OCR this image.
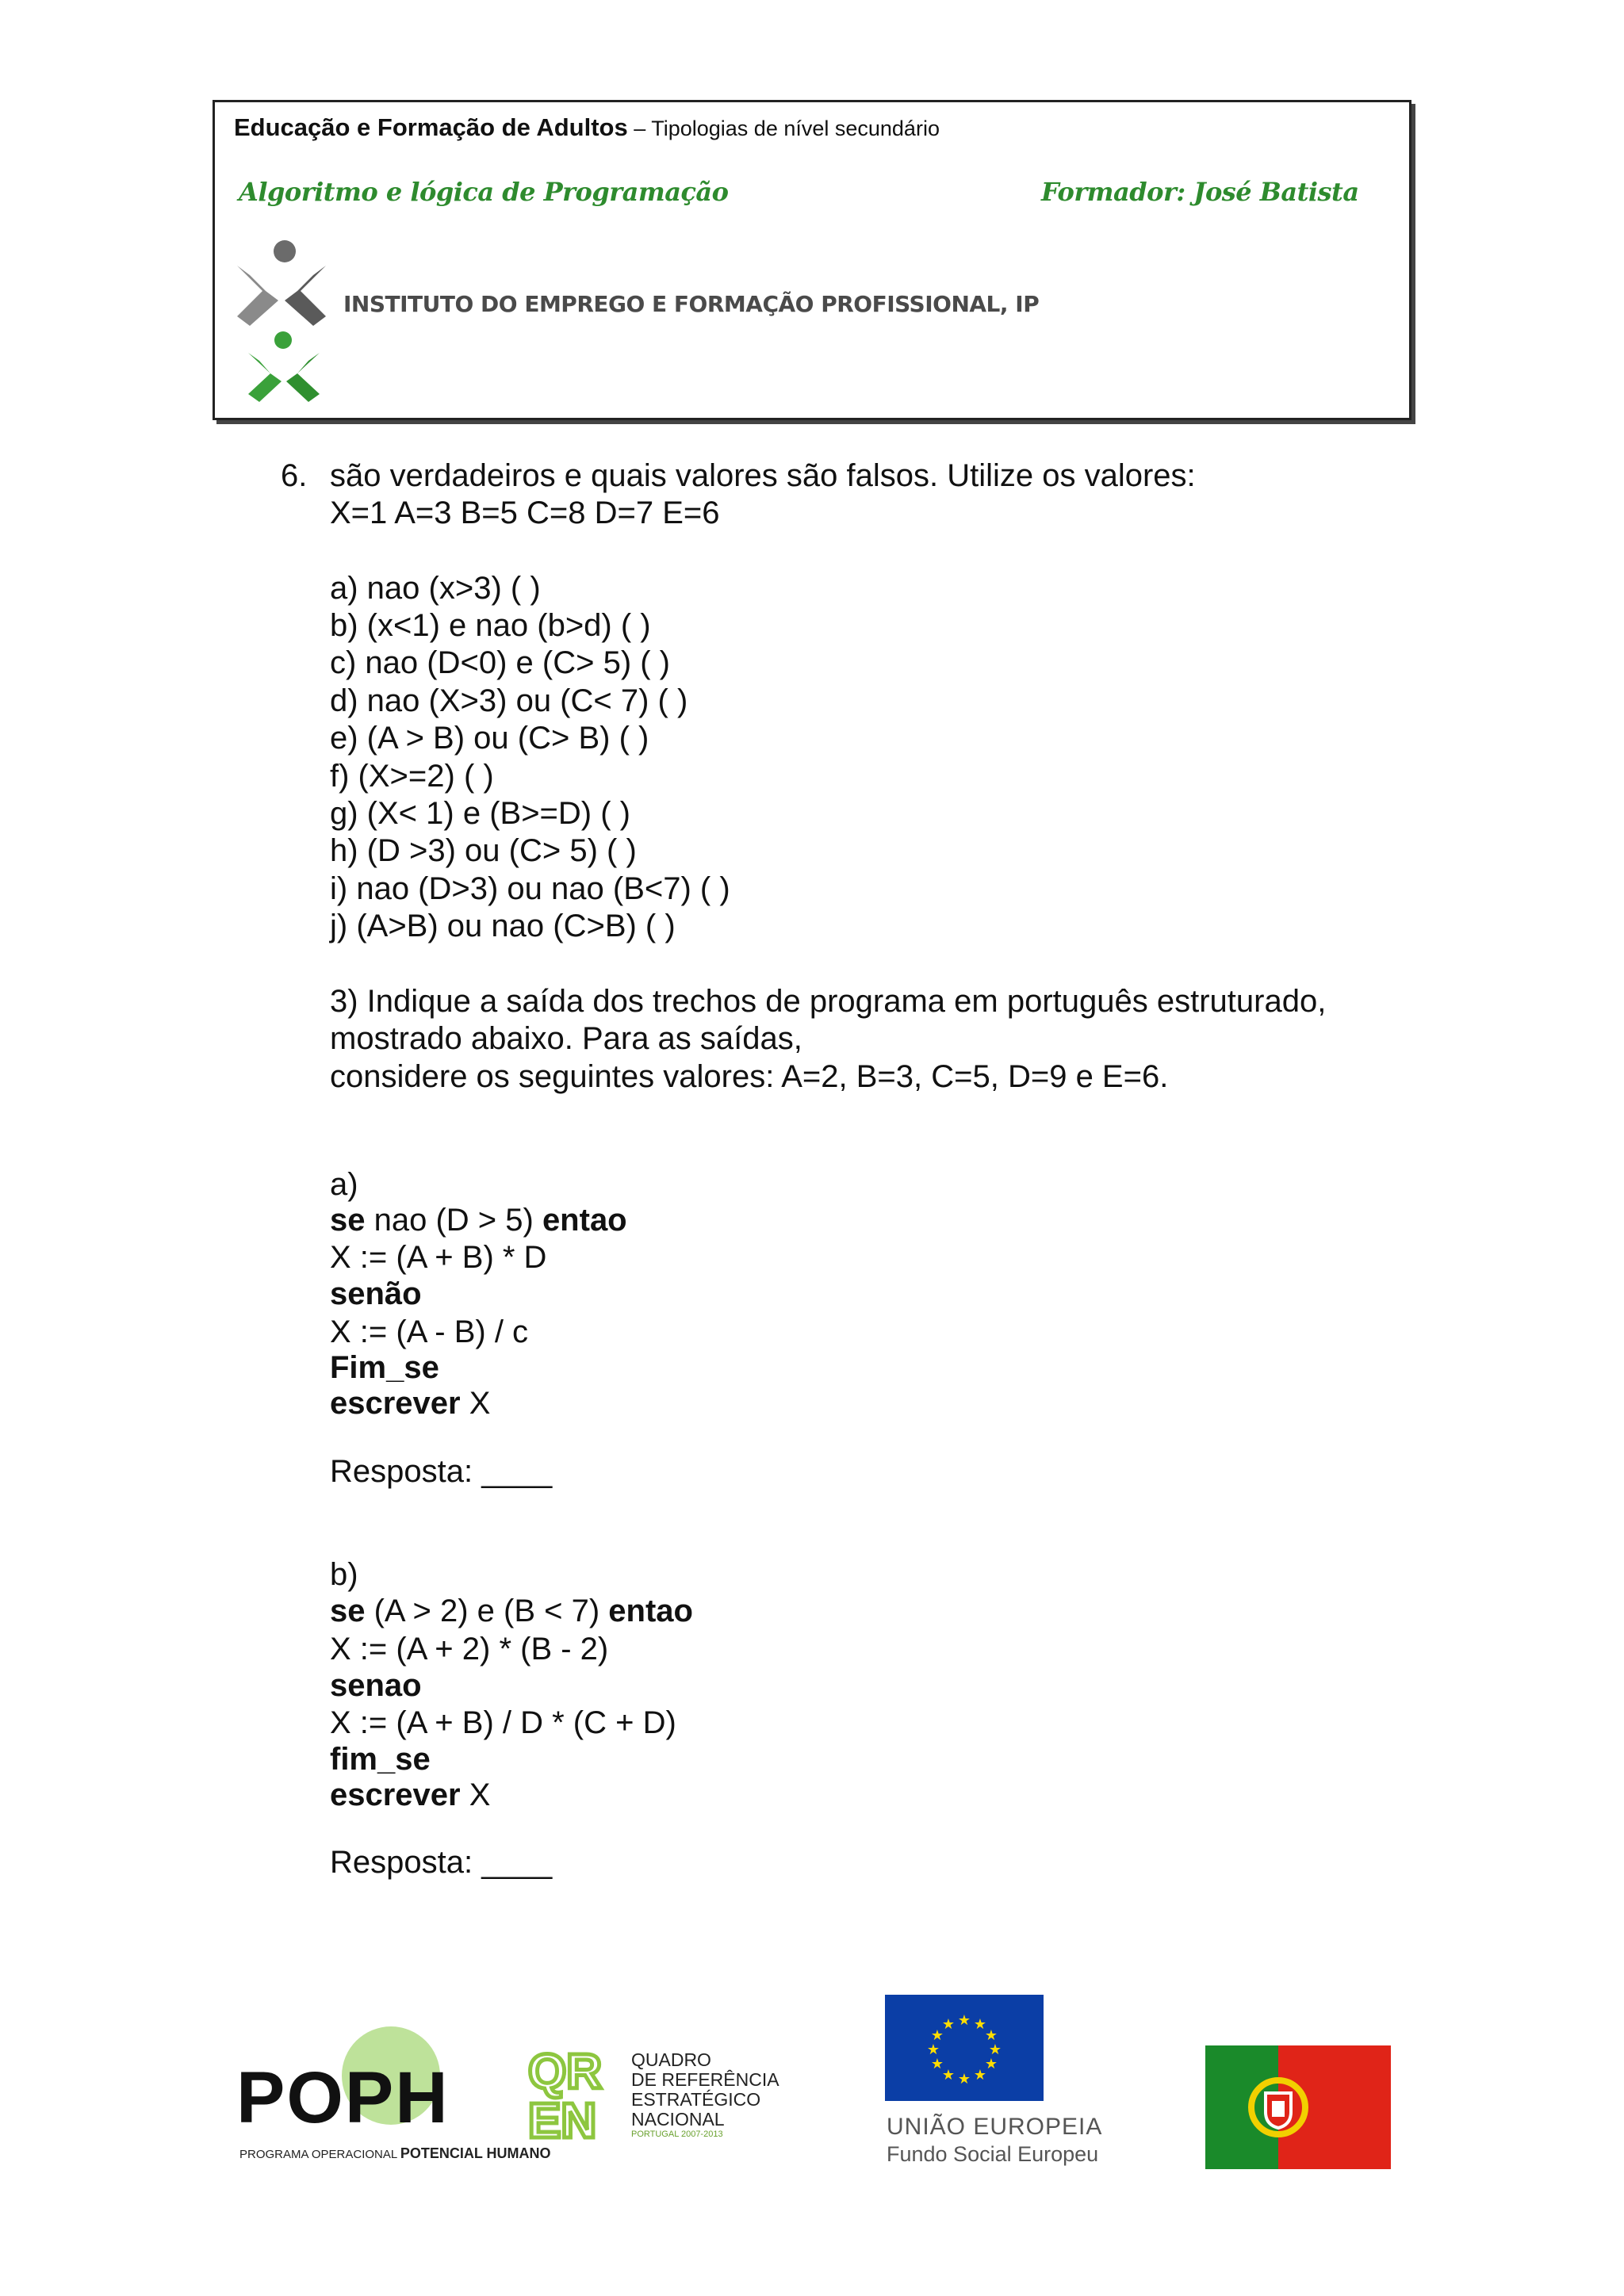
Educação e Formação de Adultos – Tipologias de nível secundário
Algoritmo e lógica de Programação	Formador: José Batista
INSTITUTO DO EMPREGO E FORMAÇÃO PROFISSIONAL, IP
6. são verdadeiros e quais valores são falsos. Utilize os valores:
X=1 A=3 B=5 C=8 D=7 E=6
a) nao (x>3) ( )
b) (x<1) e nao (b>d) ( )
c) nao (D<0) e (C> 5) ( )
d) nao (X>3) ou (C< 7) ( )
e) (A > B) ou (C> B) ( )
f) (X>=2) ( )
g) (X< 1) e (B>=D) ( )
h) (D >3) ou (C> 5) ( )
i) nao (D>3) ou nao (B<7) ( )
j) (A>B) ou nao (C>B) ( )
3) Indique a saída dos trechos de programa em português estruturado,
mostrado abaixo. Para as saídas,
considere os seguintes valores: A=2, B=3, C=5, D=9 e E=6.
a)
se nao (D > 5) entao
X := (A + B) * D
senão
X := (A - B) / c
Fim_se
escrever X
Resposta: ____
b)
se (A > 2) e (B < 7) entao
X := (A + 2) * (B - 2)
senao
X := (A + B) / D * (C + D)
fim_se
escrever X
Resposta: ____
POPH
PROGRAMA OPERACIONAL POTENCIAL HUMANO
QR
EN
QUADRO
DE REFERÊNCIA
ESTRATÉGICO
NACIONAL
PORTUGAL 2007-2013
★ ★
★
★
★
★
★
★
★
★
★
★
UNIÃO EUROPEIA
Fundo Social Europeu
